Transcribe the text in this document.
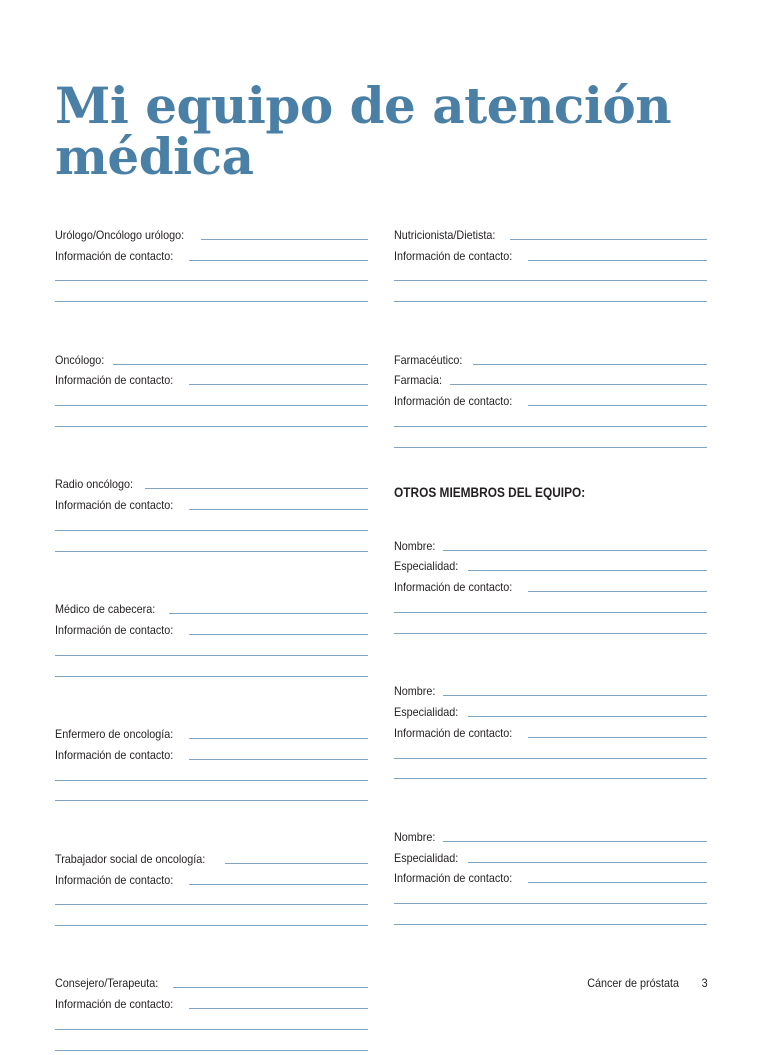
Mi equipo de atención
médica
Urólogo/Oncólogo urólogo:
Información de contacto:
Oncólogo:
Información de contacto:
Radio oncólogo:
Información de contacto:
Médico de cabecera:
Información de contacto:
Enfermero de oncología:
Información de contacto:
Trabajador social de oncología:
Información de contacto:
Consejero/Terapeuta:
Información de contacto:
Nutricionista/Dietista:
Información de contacto:
Farmacéutico:
Farmacia:
Información de contacto:
OTROS MIEMBROS DEL EQUIPO:
Nombre:
Especialidad:
Información de contacto:
Nombre:
Especialidad:
Información de contacto:
Nombre:
Especialidad:
Información de contacto:
Cáncer de próstata 3
